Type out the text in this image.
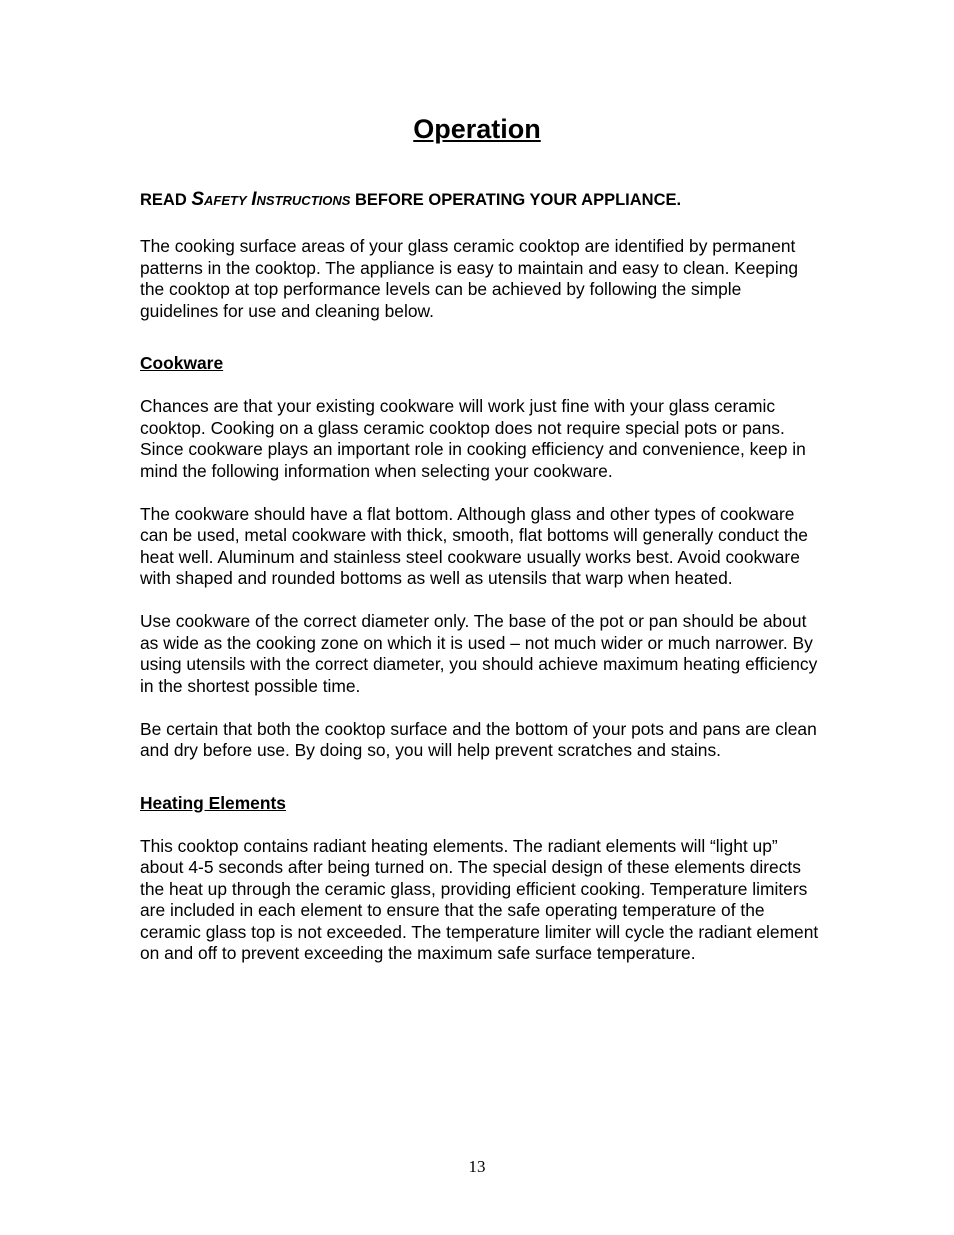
Operation
READ Safety Instructions BEFORE OPERATING YOUR APPLIANCE.

The cooking surface areas of your glass ceramic cooktop are identified by permanent patterns in the cooktop. The appliance is easy to maintain and easy to clean. Keeping the cooktop at top performance levels can be achieved by following the simple guidelines for use and cleaning below.

Cookware

Chances are that your existing cookware will work just fine with your glass ceramic cooktop. Cooking on a glass ceramic cooktop does not require special pots or pans. Since cookware plays an important role in cooking efficiency and convenience, keep in mind the following information when selecting your cookware.

The cookware should have a flat bottom. Although glass and other types of cookware can be used, metal cookware with thick, smooth, flat bottoms will generally conduct the heat well. Aluminum and stainless steel cookware usually works best. Avoid cookware with shaped and rounded bottoms as well as utensils that warp when heated.

Use cookware of the correct diameter only. The base of the pot or pan should be about as wide as the cooking zone on which it is used – not much wider or much narrower. By using utensils with the correct diameter, you should achieve maximum heating efficiency in the shortest possible time.

Be certain that both the cooktop surface and the bottom of your pots and pans are clean and dry before use. By doing so, you will help prevent scratches and stains.

Heating Elements

This cooktop contains radiant heating elements. The radiant elements will “light up” about 4-5 seconds after being turned on. The special design of these elements directs the heat up through the ceramic glass, providing efficient cooking. Temperature limiters are included in each element to ensure that the safe operating temperature of the ceramic glass top is not exceeded. The temperature limiter will cycle the radiant element on and off to prevent exceeding the maximum safe surface temperature.

13
